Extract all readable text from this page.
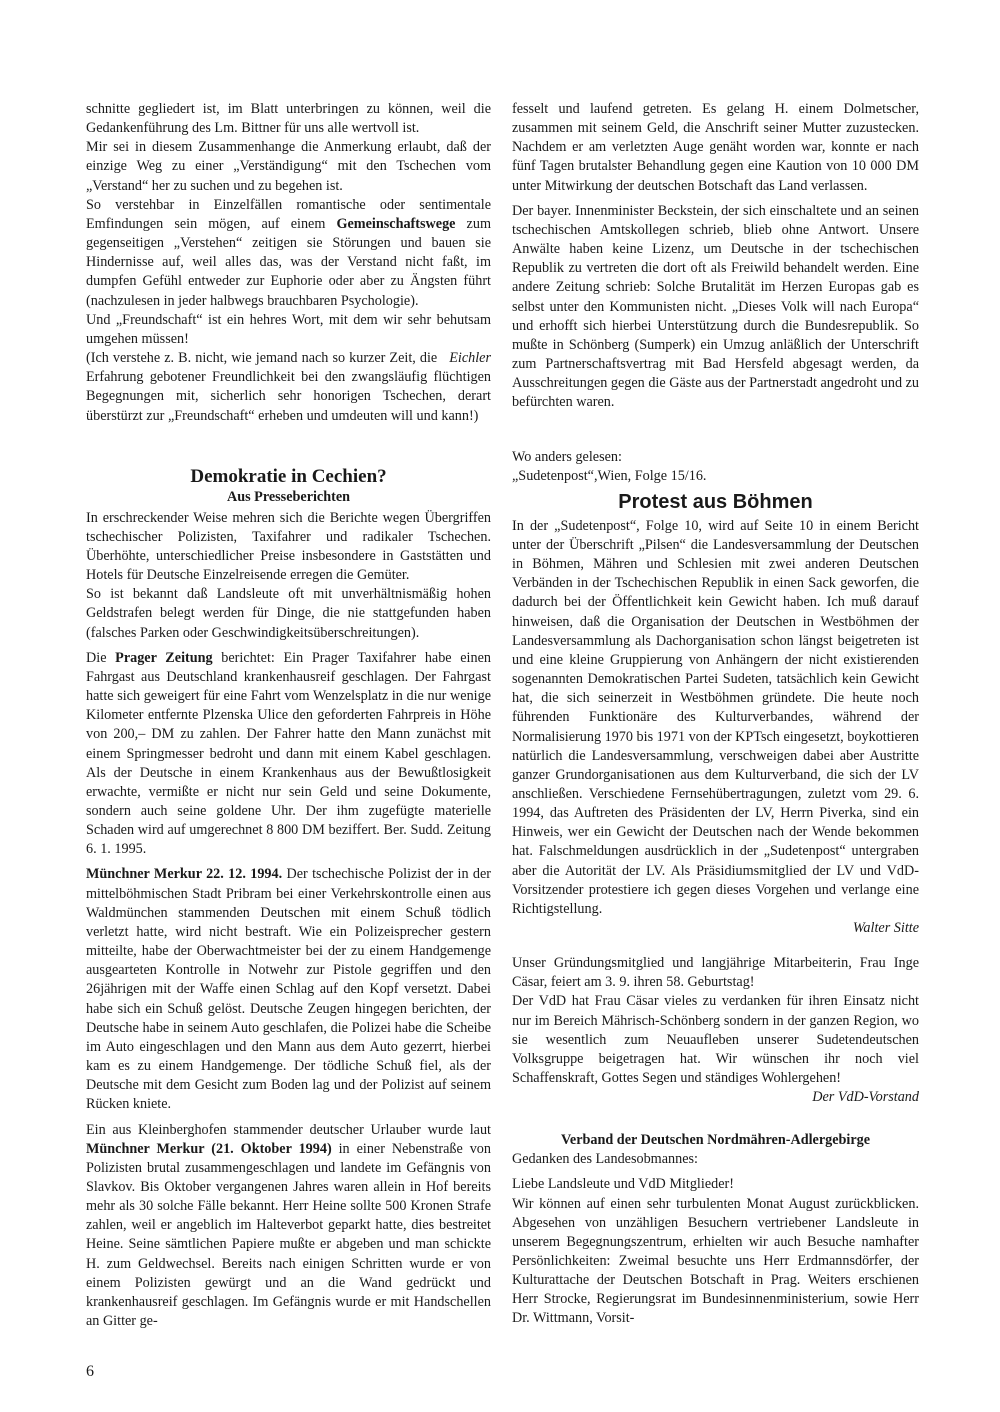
schnitte gegliedert ist, im Blatt unterbringen zu können, weil die Gedankenführung des Lm. Bittner für uns alle wertvoll ist.

Mir sei in diesem Zusammenhange die Anmerkung erlaubt, daß der einzige Weg zu einer „Verständigung“ mit den Tschechen vom „Verstand“ her zu suchen und zu begehen ist.

So verstehbar in Einzelfällen romantische oder sentimentale Emfindungen sein mögen, auf einem Gemeinschaftswege zum gegenseitigen „Verstehen“ zeitigen sie Störungen und bauen sie Hindernisse auf, weil alles das, was der Verstand nicht faßt, im dumpfen Gefühl entweder zur Euphorie oder aber zu Ängsten führt (nachzulesen in jeder halbwegs brauchbaren Psychologie).

Und „Freundschaft“ ist ein hehres Wort, mit dem wir sehr behutsam umgehen müssen!

Eichler
(Ich verstehe z. B. nicht, wie jemand nach so kurzer Zeit, die Erfahrung gebotener Freundlichkeit bei den zwangsläufig flüchtigen Begegnungen mit, sicherlich sehr honorigen Tschechen, derart überstürzt zur „Freundschaft“ erheben und umdeuten will und kann!)

Demokratie in Cechien?
Aus Presseberichten

In erschreckender Weise mehren sich die Berichte wegen Übergriffen tschechischer Polizisten, Taxifahrer und radikaler Tschechen. Überhöhte, unterschiedlicher Preise insbesondere in Gaststätten und Hotels für Deutsche Einzelreisende erregen die Gemüter.

So ist bekannt daß Landsleute oft mit unverhältnismäßig hohen Geldstrafen belegt werden für Dinge, die nie stattgefunden haben (falsches Parken oder Geschwindigkeitsüberschreitungen).

Die Prager Zeitung berichtet: Ein Prager Taxifahrer habe einen Fahrgast aus Deutschland krankenhausreif geschlagen. Der Fahrgast hatte sich geweigert für eine Fahrt vom Wenzelsplatz in die nur wenige Kilometer entfernte Plzenska Ulice den geforderten Fahrpreis in Höhe von 200,– DM zu zahlen. Der Fahrer hatte den Mann zunächst mit einem Springmesser bedroht und dann mit einem Kabel geschlagen. Als der Deutsche in einem Krankenhaus aus der Bewußtlosigkeit erwachte, vermißte er nicht nur sein Geld und seine Dokumente, sondern auch seine goldene Uhr. Der ihm zugefügte materielle Schaden wird auf umgerechnet 8 800 DM beziffert. Ber. Sudd. Zeitung 6. 1. 1995.

Münchner Merkur 22. 12. 1994. Der tschechische Polizist der in der mittelböhmischen Stadt Pribram bei einer Verkehrskontrolle einen aus Waldmünchen stammenden Deutschen mit einem Schuß tödlich verletzt hatte, wird nicht bestraft. Wie ein Polizeisprecher gestern mitteilte, habe der Oberwachtmeister bei der zu einem Handgemenge ausgearteten Kontrolle in Notwehr zur Pistole gegriffen und den 26jährigen mit der Waffe einen Schlag auf den Kopf versetzt. Dabei habe sich ein Schuß gelöst. Deutsche Zeugen hingegen berichten, der Deutsche habe in seinem Auto geschlafen, die Polizei habe die Scheibe im Auto eingeschlagen und den Mann aus dem Auto gezerrt, hierbei kam es zu einem Handgemenge. Der tödliche Schuß fiel, als der Deutsche mit dem Gesicht zum Boden lag und der Polizist auf seinem Rücken kniete.

Ein aus Kleinberghofen stammender deutscher Urlauber wurde laut Münchner Merkur (21. Oktober 1994) in einer Nebenstraße von Polizisten brutal zusammengeschlagen und landete im Gefängnis von Slavkov. Bis Oktober vergangenen Jahres waren allein in Hof bereits mehr als 30 solche Fälle bekannt. Herr Heine sollte 500 Kronen Strafe zahlen, weil er angeblich im Halteverbot geparkt hatte, dies bestreitet Heine. Seine sämtlichen Papiere mußte er abgeben und man schickte H. zum Geldwechsel. Bereits nach einigen Schritten wurde er von einem Polizisten gewürgt und an die Wand gedrückt und krankenhausreif geschlagen. Im Gefängnis wurde er mit Handschellen an Gitter ge-

fesselt und laufend getreten. Es gelang H. einem Dolmetscher, zusammen mit seinem Geld, die Anschrift seiner Mutter zuzustecken. Nachdem er am verletzten Auge genäht worden war, konnte er nach fünf Tagen brutalster Behandlung gegen eine Kaution von 10 000 DM unter Mitwirkung der deutschen Botschaft das Land verlassen.

Der bayer. Innenminister Beckstein, der sich einschaltete und an seinen tschechischen Amtskollegen schrieb, blieb ohne Antwort. Unsere Anwälte haben keine Lizenz, um Deutsche in der tschechischen Republik zu vertreten die dort oft als Freiwild behandelt werden. Eine andere Zeitung schrieb: Solche Brutalität im Herzen Europas gab es selbst unter den Kommunisten nicht. „Dieses Volk will nach Europa“ und erhofft sich hierbei Unterstützung durch die Bundesrepublik. So mußte in Schönberg (Sumperk) ein Umzug anläßlich der Unterschrift zum Partnerschaftsvertrag mit Bad Hersfeld abgesagt werden, da Ausschreitungen gegen die Gäste aus der Partnerstadt angedroht und zu befürchten waren.

Wo anders gelesen:

„Sudetenpost“,Wien, Folge 15/16.

Protest aus Böhmen

In der „Sudetenpost“, Folge 10, wird auf Seite 10 in einem Bericht unter der Überschrift „Pilsen“ die Landesversammlung der Deutschen in Böhmen, Mähren und Schlesien mit zwei anderen Deutschen Verbänden in der Tschechischen Republik in einen Sack geworfen, die dadurch bei der Öffentlichkeit kein Gewicht haben. Ich muß darauf hinweisen, daß die Organisation der Deutschen in Westböhmen der Landesversammlung als Dachorganisation schon längst beigetreten ist und eine kleine Gruppierung von Anhängern der nicht existierenden sogenannten Demokratischen Partei Sudeten, tatsächlich kein Gewicht hat, die sich seinerzeit in Westböhmen gründete. Die heute noch führenden Funktionäre des Kulturverbandes, während der Normalisierung 1970 bis 1971 von der KPTsch eingesetzt, boykottieren natürlich die Landesversammlung, verschweigen dabei aber Austritte ganzer Grundorganisationen aus dem Kulturverband, die sich der LV anschließen. Verschiedene Fernsehübertragungen, zuletzt vom 29. 6. 1994, das Auftreten des Präsidenten der LV, Herrn Piverka, sind ein Hinweis, wer ein Gewicht der Deutschen nach der Wende bekommen hat. Falschmeldungen ausdrücklich in der „Sudetenpost“ untergraben aber die Autorität der LV. Als Präsidiumsmitglied der LV und VdD-Vorsitzender protestiere ich gegen dieses Vorgehen und verlange eine Richtigstellung.

Walter Sitte

Unser Gründungsmitglied und langjährige Mitarbeiterin, Frau Inge Cäsar, feiert am 3. 9. ihren 58. Geburtstag!

Der VdD hat Frau Cäsar vieles zu verdanken für ihren Einsatz nicht nur im Bereich Mährisch-Schönberg sondern in der ganzen Region, wo sie wesentlich zum Neuaufleben unserer Sudetendeutschen Volksgruppe beigetragen hat. Wir wünschen ihr noch viel Schaffenskraft, Gottes Segen und ständiges Wohlergehen!

Der VdD-Vorstand

Verband der Deutschen Nordmähren-Adlergebirge

Gedanken des Landesobmannes:

Liebe Landsleute und VdD Mitglieder!

Wir können auf einen sehr turbulenten Monat August zurückblicken. Abgesehen von unzähligen Besuchern vertriebener Landsleute in unserem Begegnungszentrum, erhielten wir auch Besuche namhafter Persönlichkeiten: Zweimal besuchte uns Herr Erdmannsdörfer, der Kulturattache der Deutschen Botschaft in Prag. Weiters erschienen Herr Strocke, Regierungsrat im Bundesinnenministerium, sowie Herr Dr. Wittmann, Vorsit-

6
